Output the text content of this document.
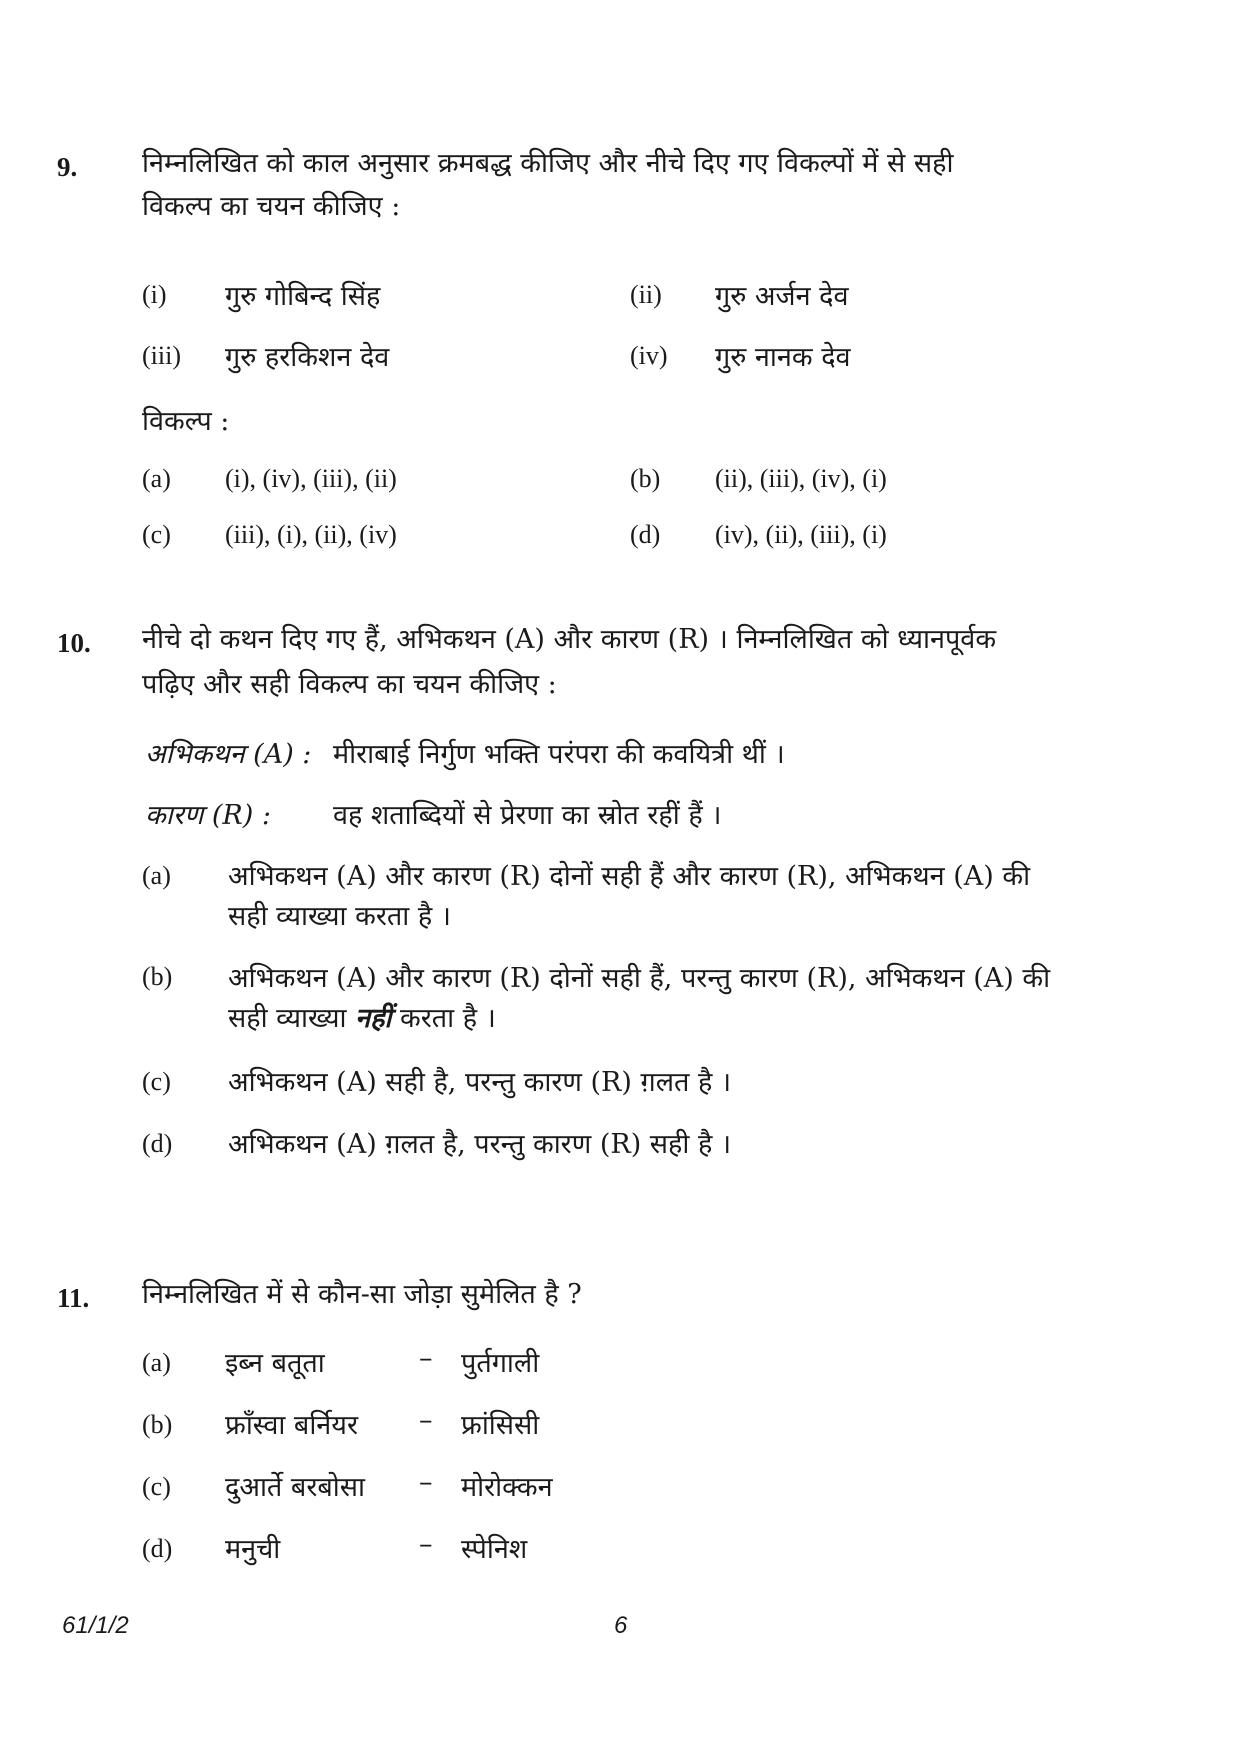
9. निम्नलिखित को काल अनुसार क्रमबद्ध कीजिए और नीचे दिए गए विकल्पों में से सही
विकल्प का चयन कीजिए :
(i) गुरु गोबिन्द सिंह	(ii) गुरु अर्जन देव
(iii) गुरु हरकिशन देव	(iv) गुरु नानक देव
विकल्प :
(a) (i), (iv), (iii), (ii)	(b) (ii), (iii), (iv), (i)
(c) (iii), (i), (ii), (iv)	(d) (iv), (ii), (iii), (i)
10. नीचे दो कथन दिए गए हैं, अभिकथन (A) और कारण (R) । निम्नलिखित को ध्यानपूर्वक
पढ़िए और सही विकल्प का चयन कीजिए :
अभिकथन (A) : मीराबाई निर्गुण भक्ति परंपरा की कवयित्री थीं ।
कारण (R) : वह शताब्दियों से प्रेरणा का स्रोत रहीं हैं ।
(a) अभिकथन (A) और कारण (R) दोनों सही हैं और कारण (R), अभिकथन (A) की
सही व्याख्या करता है ।
(b) अभिकथन (A) और कारण (R) दोनों सही हैं, परन्तु कारण (R), अभिकथन (A) की
सही व्याख्या नहीं करता है ।
(c) अभिकथन (A) सही है, परन्तु कारण (R) ग़लत है ।
(d) अभिकथन (A) ग़लत है, परन्तु कारण (R) सही है ।
11. निम्नलिखित में से कौन-सा जोड़ा सुमेलित है ?
(a) इब्न बतूता	– पुर्तगाली
(b) फ्राँस्वा बर्नियर – फ्रांसिसी
(c) दुआर्ते बरबोसा – मोरोक्कन
(d) मनुची	– स्पेनिश
61/1/2	6
